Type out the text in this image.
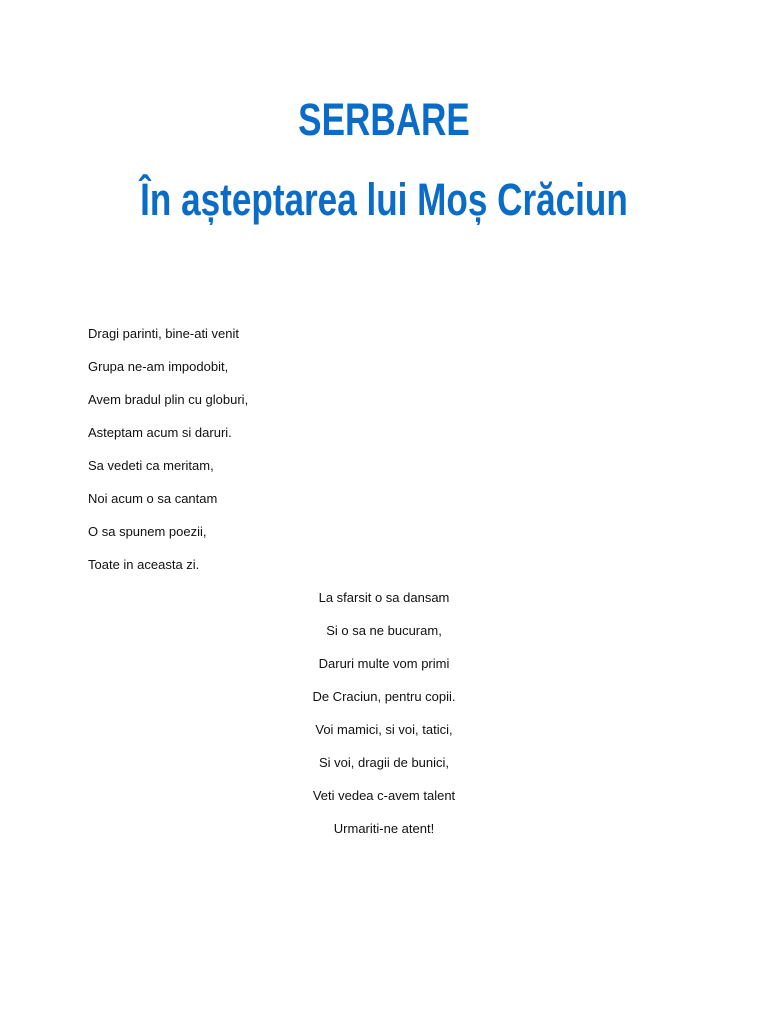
SERBARE
În așteptarea lui Moș Crăciun
Dragi parinti, bine-ati venit
Grupa ne-am impodobit,
Avem bradul plin cu globuri,
Asteptam acum si daruri.
Sa vedeti ca meritam,
Noi acum o sa cantam
O sa spunem poezii,
Toate in aceasta zi.
La sfarsit o sa dansam
Si o sa ne bucuram,
Daruri multe vom primi
De Craciun, pentru copii.
Voi mamici, si voi, tatici,
Si voi, dragii de bunici,
Veti vedea c-avem talent
Urmariti-ne atent!
